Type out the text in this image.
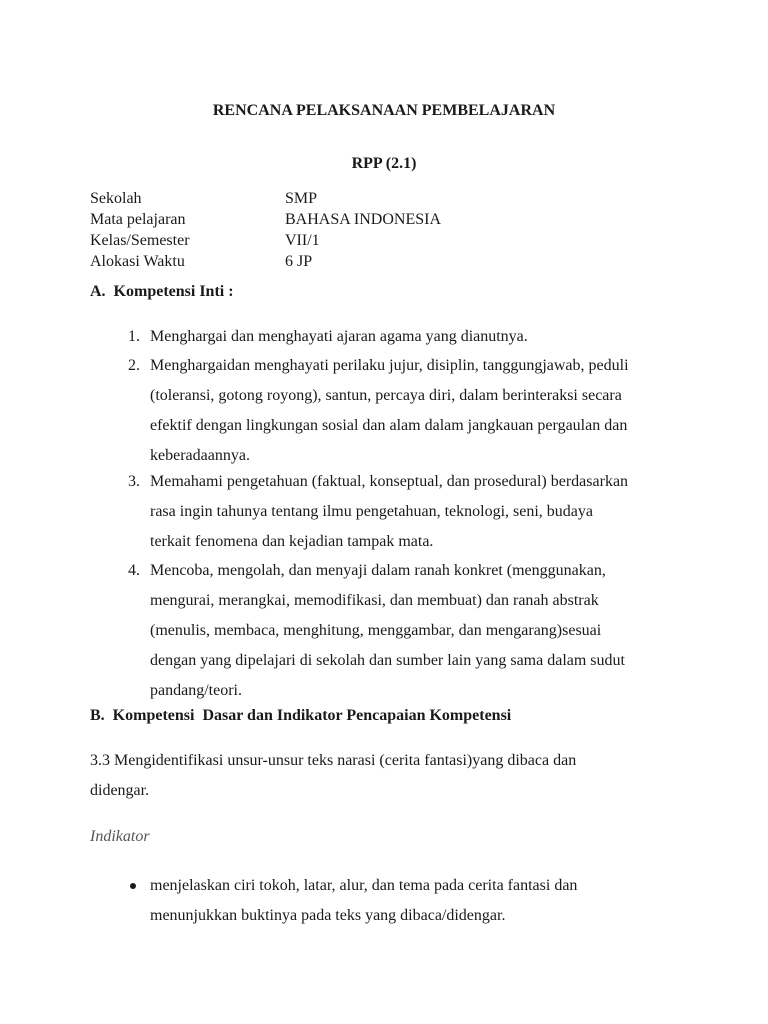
RENCANA PELAKSANAAN PEMBELAJARAN
RPP (2.1)
Sekolah	SMP
Mata pelajaran	BAHASA INDONESIA
Kelas/Semester	VII/1
Alokasi Waktu	6 JP
A.  Kompetensi Inti :
1. Menghargai dan menghayati ajaran agama yang dianutnya.
2. Menghargaidan menghayati perilaku jujur, disiplin, tanggungjawab, peduli
(toleransi, gotong royong), santun, percaya diri, dalam berinteraksi secara
efektif dengan lingkungan sosial dan alam dalam jangkauan pergaulan dan
keberadaannya.
3. Memahami pengetahuan (faktual, konseptual, dan prosedural) berdasarkan
rasa ingin tahunya tentang ilmu pengetahuan, teknologi, seni, budaya
terkait fenomena dan kejadian tampak mata.
4. Mencoba, mengolah, dan menyaji dalam ranah konkret (menggunakan,
mengurai, merangkai, memodifikasi, dan membuat) dan ranah abstrak
(menulis, membaca, menghitung, menggambar, dan mengarang)sesuai
dengan yang dipelajari di sekolah dan sumber lain yang sama dalam sudut
pandang/teori.
B.  Kompetensi  Dasar dan Indikator Pencapaian Kompetensi
3.3 Mengidentifikasi unsur-unsur teks narasi (cerita fantasi)yang dibaca dan
didengar.
Indikator
menjelaskan ciri tokoh, latar, alur, dan tema pada cerita fantasi dan
menunjukkan buktinya pada teks yang dibaca/didengar.
